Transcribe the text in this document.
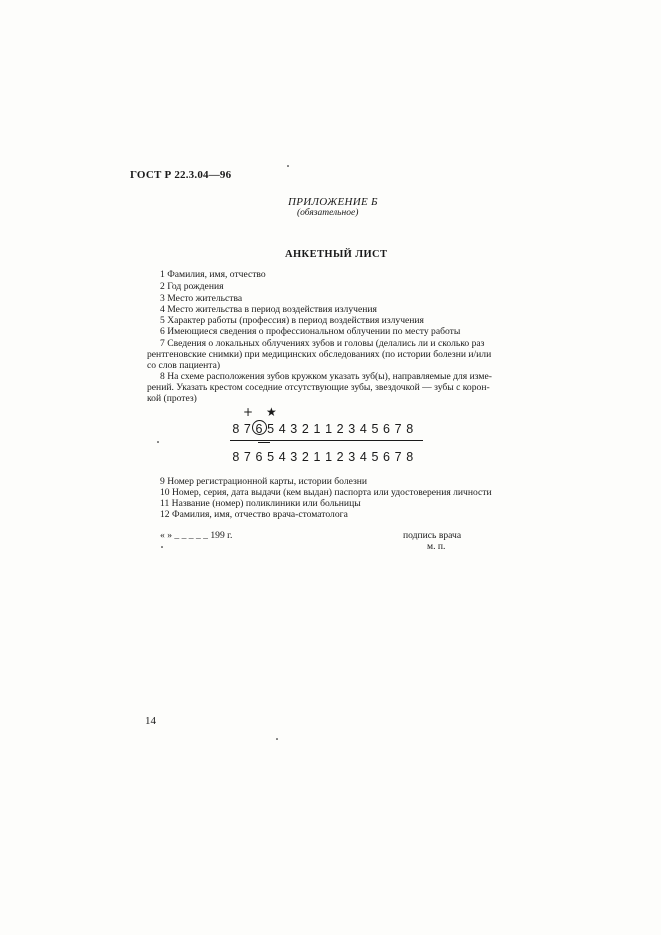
ГОСТ Р 22.3.04—96
ПРИЛОЖЕНИЕ Б
(обязательное)
АНКЕТНЫЙ ЛИСТ
1 Фамилия, имя, отчество
2 Год рождения
3 Место жительства
4 Место жительства в период воздействия излучения
5 Характер работы (профессия) в период воздействия излучения
6 Имеющиеся сведения о профессиональном облучении по месту работы
7 Сведения о локальных облучениях зубов и головы (делались ли и сколько раз
рентгеновские снимки) при медицинских обследованиях (по истории болезни и/или
со слов пациента)
8 На схеме расположения зубов кружком указать зуб(ы), направляемые для изме-
рений. Указать крестом соседние отсутствующие зубы, звездочкой — зубы с корон-
кой (протез)
+ ★
8 7 6 5 4 3 2 1 1 2 3 4 5 6 7 8
8 7 6 5 4 3 2 1 1 2 3 4 5 6 7 8
9 Номер регистрационной карты, истории болезни
10 Номер, серия, дата выдачи (кем выдан) паспорта или удостоверения личности
11 Название (номер) поликлиники или больницы
12 Фамилия, имя, отчество врача-стоматолога
« » _ _ _ _ _ 199 г.	подпись врача
м. п.
14
